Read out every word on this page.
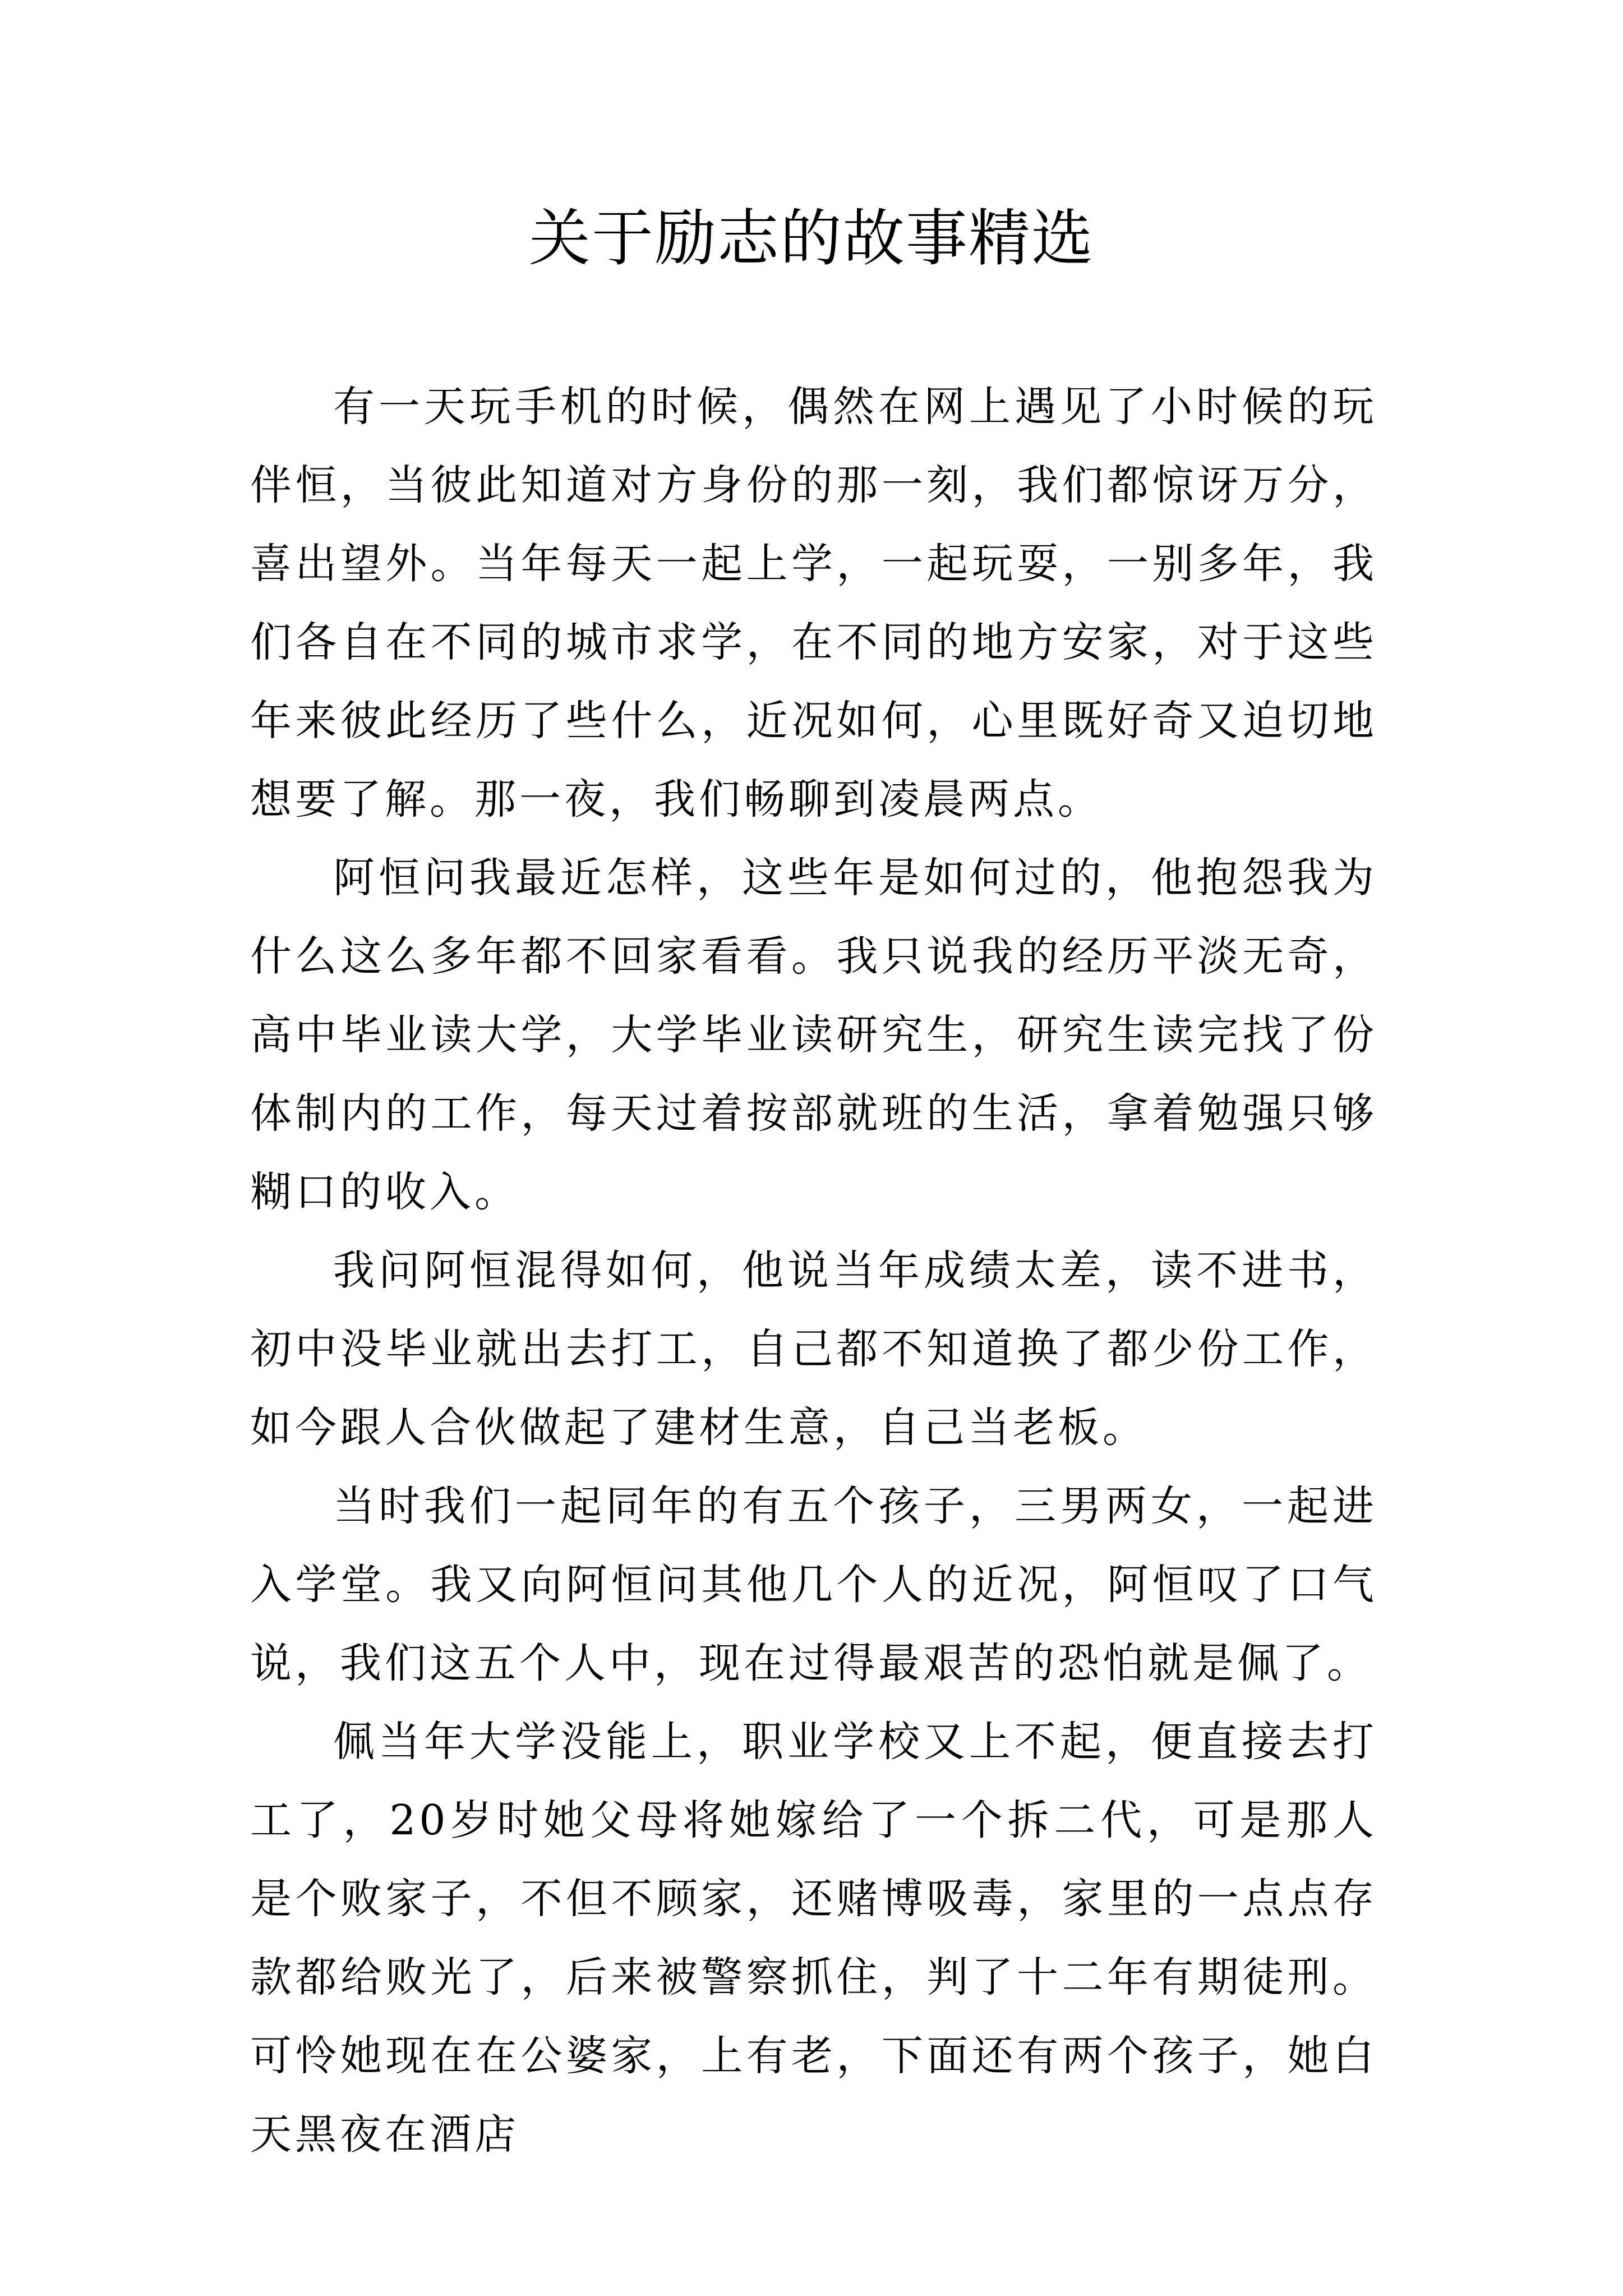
关于励志的故事精选

有一天玩手机的时候，偶然在网上遇见了小时候的玩伴恒，当彼此知道对方身份的那一刻，我们都惊讶万分，喜出望外。当年每天一起上学，一起玩耍，一别多年，我们各自在不同的城市求学，在不同的地方安家，对于这些年来彼此经历了些什么，近况如何，心里既好奇又迫切地想要了解。那一夜，我们畅聊到凌晨两点。

阿恒问我最近怎样，这些年是如何过的，他抱怨我为什么这么多年都不回家看看。我只说我的经历平淡无奇，高中毕业读大学，大学毕业读研究生，研究生读完找了份体制内的工作，每天过着按部就班的生活，拿着勉强只够糊口的收入。

我问阿恒混得如何，他说当年成绩太差，读不进书，初中没毕业就出去打工，自己都不知道换了都少份工作，如今跟人合伙做起了建材生意，自己当老板。

当时我们一起同年的有五个孩子，三男两女，一起进入学堂。我又向阿恒问其他几个人的近况，阿恒叹了口气说，我们这五个人中，现在过得最艰苦的恐怕就是佩了。

佩当年大学没能上，职业学校又上不起，便直接去打工了，20岁时她父母将她嫁给了一个拆二代，可是那人是个败家子，不但不顾家，还赌博吸毒，家里的一点点存款都给败光了，后来被警察抓住，判了十二年有期徒刑。可怜她现在在公婆家，上有老，下面还有两个孩子，她白天黑夜在酒店
